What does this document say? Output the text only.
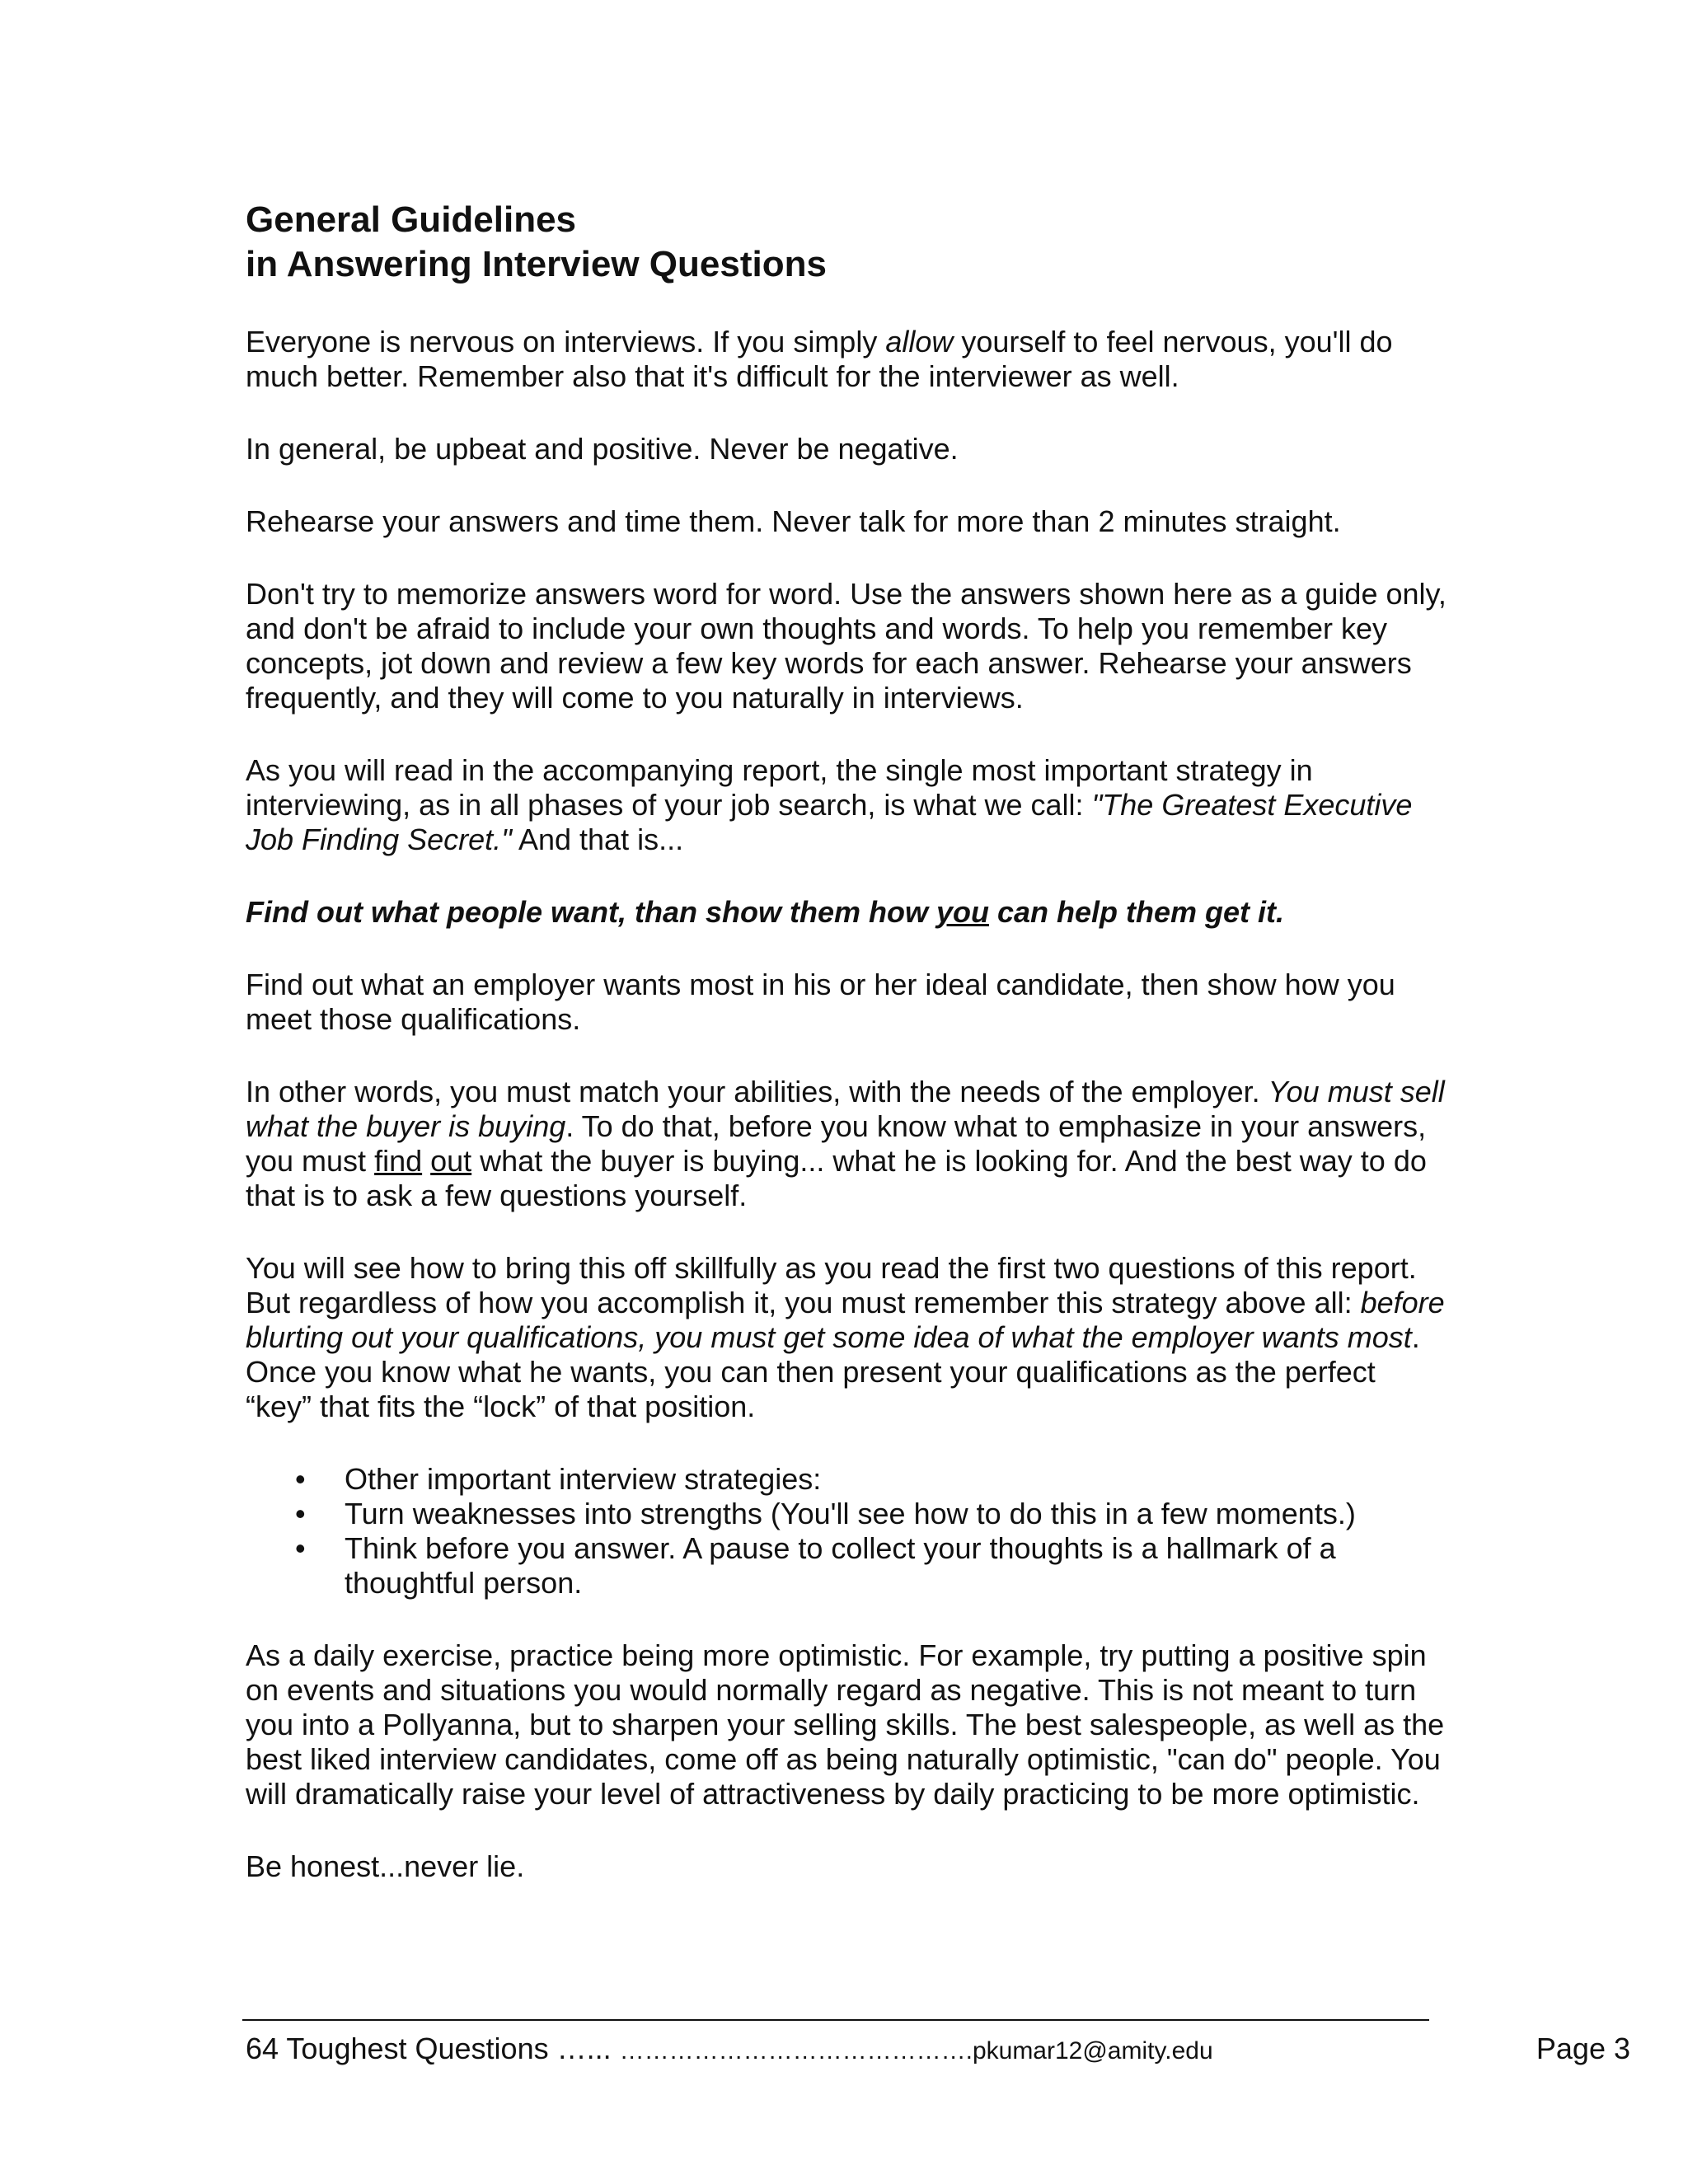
General Guidelines
in Answering Interview Questions

Everyone is nervous on interviews. If you simply allow yourself to feel nervous, you'll do much better. Remember also that it's difficult for the interviewer as well.

In general, be upbeat and positive. Never be negative.

Rehearse your answers and time them. Never talk for more than 2 minutes straight.

Don't try to memorize answers word for word. Use the answers shown here as a guide only, and don't be afraid to include your own thoughts and words. To help you remember key concepts, jot down and review a few key words for each answer. Rehearse your answers frequently, and they will come to you naturally in interviews.

As you will read in the accompanying report, the single most important strategy in interviewing, as in all phases of your job search, is what we call: "The Greatest Executive Job Finding Secret." And that is...

Find out what people want, than show them how you can help them get it.

Find out what an employer wants most in his or her ideal candidate, then show how you meet those qualifications.

In other words, you must match your abilities, with the needs of the employer. You must sell what the buyer is buying. To do that, before you know what to emphasize in your answers, you must find out what the buyer is buying... what he is looking for. And the best way to do that is to ask a few questions yourself.

You will see how to bring this off skillfully as you read the first two questions of this report. But regardless of how you accomplish it, you must remember this strategy above all: before blurting out your qualifications, you must get some idea of what the employer wants most. Once you know what he wants, you can then present your qualifications as the perfect “key” that fits the “lock” of that position.

• Other important interview strategies:
• Turn weaknesses into strengths (You'll see how to do this in a few moments.)
• Think before you answer. A pause to collect your thoughts is a hallmark of a thoughtful person.

As a daily exercise, practice being more optimistic. For example, try putting a positive spin on events and situations you would normally regard as negative. This is not meant to turn you into a Pollyanna, but to sharpen your selling skills. The best salespeople, as well as the best liked interview candidates, come off as being naturally optimistic, "can do" people. You will dramatically raise your level of attractiveness by daily practicing to be more optimistic.

Be honest...never lie.

64 Toughest Questions …... …………………………………….pkumar12@amity.edu	Page 3
